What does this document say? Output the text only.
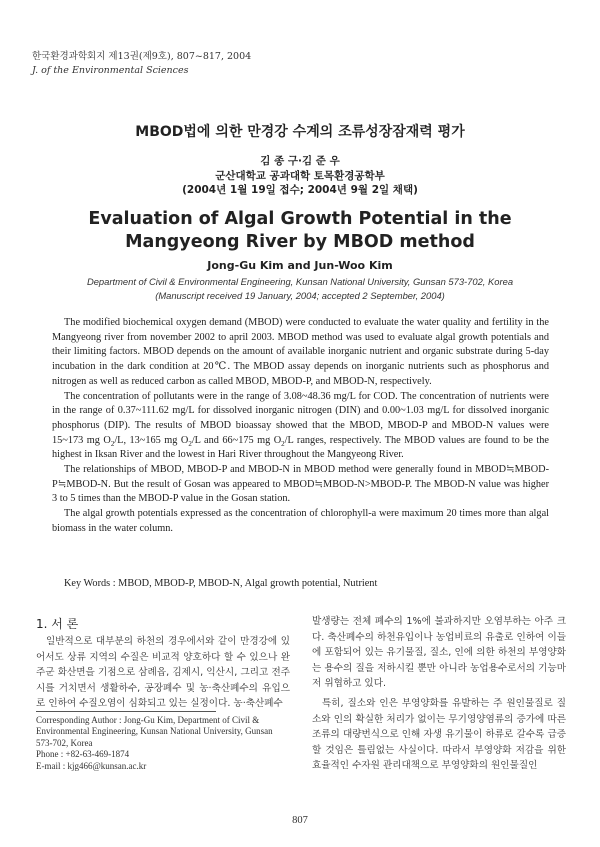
한국환경과학회지 제13권(제9호), 807~817, 2004
J. of the Environmental Sciences
MBOD법에 의한 만경강 수계의 조류성장잠재력 평가
김 종 구·김 준 우
군산대학교 공과대학 토목환경공학부
(2004년 1월 19일 접수; 2004년 9월 2일 채택)
Evaluation of Algal Growth Potential in the
Mangyeong River by MBOD method
Jong-Gu Kim and Jun-Woo Kim
Department of Civil & Environmental Engineering, Kunsan National University, Gunsan 573-702, Korea
(Manuscript received 19 January, 2004; accepted 2 September, 2004)

The modified biochemical oxygen demand (MBOD) were conducted to evaluate the water quality and fertility in the Mangyeong river from november 2002 to april 2003. MBOD method was used to evaluate algal growth potentials and their limiting factors. MBOD depends on the amount of available inorganic nutrient and organic substrate during 5-day incubation in the dark condition at 20℃. The MBOD assay depends on inorganic nutrients such as phosphorus and nitrogen as well as reduced carbon as called MBOD, MBOD-P, and MBOD-N, respectively.

The concentration of pollutants were in the range of 3.08~48.36 mg/L for COD. The concentration of nutrients were in the range of 0.37~111.62 mg/L for dissolved inorganic nitrogen (DIN) and 0.00~1.03 mg/L for dissolved inorganic phosphorus (DIP). The results of MBOD bioassay showed that the MBOD, MBOD-P and MBOD-N values were 15~173 mg $O_2/L$, 13~165 mg $O_2/L$ and 66~175 mg $O_2/L$ ranges, respectively. The MBOD values are found to be the highest in Iksan River and the lowest in Hari River throughout the Mangyeong River.

The relationships of MBOD, MBOD-P and MBOD-N in MBOD method were generally found in MBOD≒MBOD-P≒MBOD-N. But the result of Gosan was appeared to MBOD≒MBOD-N>MBOD-P. The MBOD-N value was higher 3 to 5 times than the MBOD-P value in the Gosan station.

The algal growth potentials expressed as the concentration of chlorophyll-a were maximum 20 times more than algal biomass in the water column.

Key Words : MBOD, MBOD-P, MBOD-N, Algal growth potential, Nutrient
1. 서 론

일반적으로 대부분의 하천의 경우에서와 같이 만경강에 있어서도 상류 지역의 수질은 비교적 양호하다 할 수 있으나 완주군 화산면을 기점으로 삼례읍, 김제시, 익산시, 그리고 전주시를 거치면서 생활하수, 공장폐수 및 농·축산폐수의 유입으로 인하여 수질오염이 심화되고 있는 실정이다. 농·축산폐수

Corresponding Author : Jong-Gu Kim, Department of Civil & Environmental Engineering, Kunsan National University, Gunsan 573-702, Korea
Phone : +82-63-469-1874
E-mail : kjg466@kunsan.ac.kr

발생량는 전체 폐수의 1%에 불과하지만 오염부하는 아주 크다. 축산폐수의 하천유입이나 농업비료의 유출로 인하여 이들에 포함되어 있는 유기물질, 질소, 인에 의한 하천의 부영양화는 용수의 질을 저하시킬 뿐만 아니라 농업용수로서의 기능마저 위협하고 있다.

특히, 질소와 인은 부영양화를 유발하는 주 원인물질로 질소와 인의 확실한 처리가 없이는 무기영양염류의 증가에 따른 조류의 대량번식으로 인해 자생 유기물이 하류로 갈수록 급증할 것임은 틀림없는 사실이다. 따라서 부영양화 저감을 위한 효율적인 수자원 관리대책으로 부영양화의 원인물질인

807
